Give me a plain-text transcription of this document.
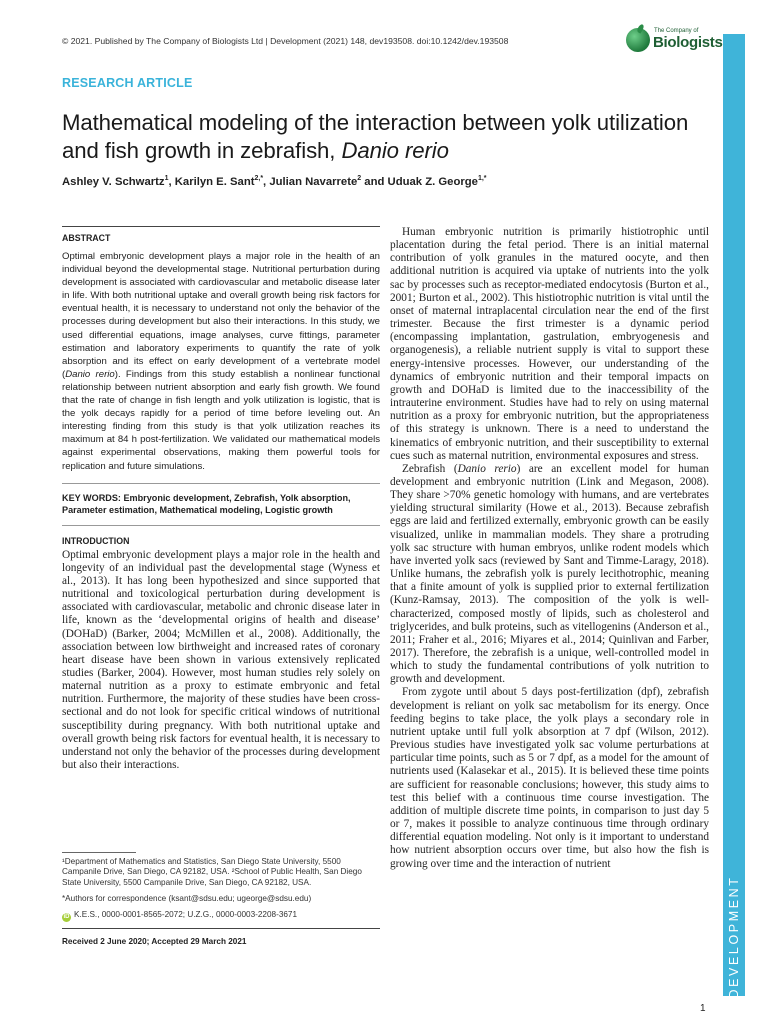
© 2021. Published by The Company of Biologists Ltd | Development (2021) 148, dev193508. doi:10.1242/dev.193508
The Company of
Biologists
DEVELOPMENT
RESEARCH ARTICLE
Mathematical modeling of the interaction between yolk utilization and fish growth in zebrafish, Danio rerio
Ashley V. Schwartz$^1$, Karilyn E. Sant$^{2,*}$, Julian Navarrete$^2$ and Uduak Z. George$^{1,*}$
ABSTRACT

Optimal embryonic development plays a major role in the health of an individual beyond the developmental stage. Nutritional perturbation during development is associated with cardiovascular and metabolic disease later in life. With both nutritional uptake and overall growth being risk factors for eventual health, it is necessary to understand not only the behavior of the processes during development but also their interactions. In this study, we used differential equations, image analyses, curve fittings, parameter estimation and laboratory experiments to quantify the rate of yolk absorption and its effect on early development of a vertebrate model (Danio rerio). Findings from this study establish a nonlinear functional relationship between nutrient absorption and early fish growth. We found that the rate of change in fish length and yolk utilization is logistic, that is the yolk decays rapidly for a period of time before leveling out. An interesting finding from this study is that yolk utilization reaches its maximum at 84 h post-fertilization. We validated our mathematical models against experimental observations, making them powerful tools for replication and future simulations.

KEY WORDS: Embryonic development, Zebrafish, Yolk absorption, Parameter estimation, Mathematical modeling, Logistic growth

INTRODUCTION

Optimal embryonic development plays a major role in the health and longevity of an individual past the developmental stage (Wyness et al., 2013). It has long been hypothesized and since supported that nutritional and toxicological perturbation during development is associated with cardiovascular, metabolic and chronic disease later in life, known as the ‘developmental origins of health and disease’ (DOHaD) (Barker, 2004; McMillen et al., 2008). Additionally, the association between low birthweight and increased rates of coronary heart disease have been shown in various extensively replicated studies (Barker, 2004). However, most human studies rely solely on maternal nutrition as a proxy to estimate embryonic and fetal nutrition. Furthermore, the majority of these studies have been cross-sectional and do not look for specific critical windows of nutritional susceptibility during pregnancy. With both nutritional uptake and overall growth being risk factors for eventual health, it is necessary to understand not only the behavior of the processes during development but also their interactions.

¹Department of Mathematics and Statistics, San Diego State University, 5500 Campanile Drive, San Diego, CA 92182, USA. ²School of Public Health, San Diego State University, 5500 Campanile Drive, San Diego, CA 92182, USA.

*Authors for correspondence (ksant@sdsu.edu; ugeorge@sdsu.edu)

iD K.E.S., 0000-0001-8565-2072; U.Z.G., 0000-0003-2208-3671

Received 2 June 2020; Accepted 29 March 2021

Human embryonic nutrition is primarily histiotrophic until placentation during the fetal period. There is an initial maternal contribution of yolk granules in the matured oocyte, and then additional nutrition is acquired via uptake of nutrients into the yolk sac by processes such as receptor-mediated endocytosis (Burton et al., 2001; Burton et al., 2002). This histiotrophic nutrition is vital until the onset of maternal intraplacental circulation near the end of the first trimester. Because the first trimester is a dynamic period (encompassing implantation, gastrulation, embryogenesis and organogenesis), a reliable nutrient supply is vital to support these energy-intensive processes. However, our understanding of the dynamics of embryonic nutrition and their temporal impacts on growth and DOHaD is limited due to the inaccessibility of the intrauterine environment. Studies have had to rely on using maternal nutrition as a proxy for embryonic nutrition, but the appropriateness of this strategy is unknown. There is a need to understand the kinematics of embryonic nutrition, and their susceptibility to external cues such as maternal nutrition, environmental exposures and stress.

Zebrafish (Danio rerio) are an excellent model for human development and embryonic nutrition (Link and Megason, 2008). They share >70% genetic homology with humans, and are vertebrates yielding structural similarity (Howe et al., 2013). Because zebrafish eggs are laid and fertilized externally, embryonic growth can be easily visualized, unlike in mammalian models. They share a protruding yolk sac structure with human embryos, unlike rodent models which have inverted yolk sacs (reviewed by Sant and Timme-Laragy, 2018). Unlike humans, the zebrafish yolk is purely lecithotrophic, meaning that a finite amount of yolk is supplied prior to external fertilization (Kunz-Ramsay, 2013). The composition of the yolk is well-characterized, composed mostly of lipids, such as cholesterol and triglycerides, and bulk proteins, such as vitellogenins (Anderson et al., 2011; Fraher et al., 2016; Miyares et al., 2014; Quinlivan and Farber, 2017). Therefore, the zebrafish is a unique, well-controlled model in which to study the fundamental contributions of yolk nutrition to growth and development.

From zygote until about 5 days post-fertilization (dpf), zebrafish development is reliant on yolk sac metabolism for its energy. Once feeding begins to take place, the yolk plays a secondary role in nutrient uptake until full yolk absorption at 7 dpf (Wilson, 2012). Previous studies have investigated yolk sac volume perturbations at particular time points, such as 5 or 7 dpf, as a model for the amount of nutrients used (Kalasekar et al., 2015). It is believed these time points are sufficient for reasonable conclusions; however, this study aims to test this belief with a continuous time course investigation. The addition of multiple discrete time points, in comparison to just day 5 or 7, makes it possible to analyze continuous time through ordinary differential equation modeling. Not only is it important to understand how nutrient absorption occurs over time, but also how the fish is growing over time and the interaction of nutrient

1
